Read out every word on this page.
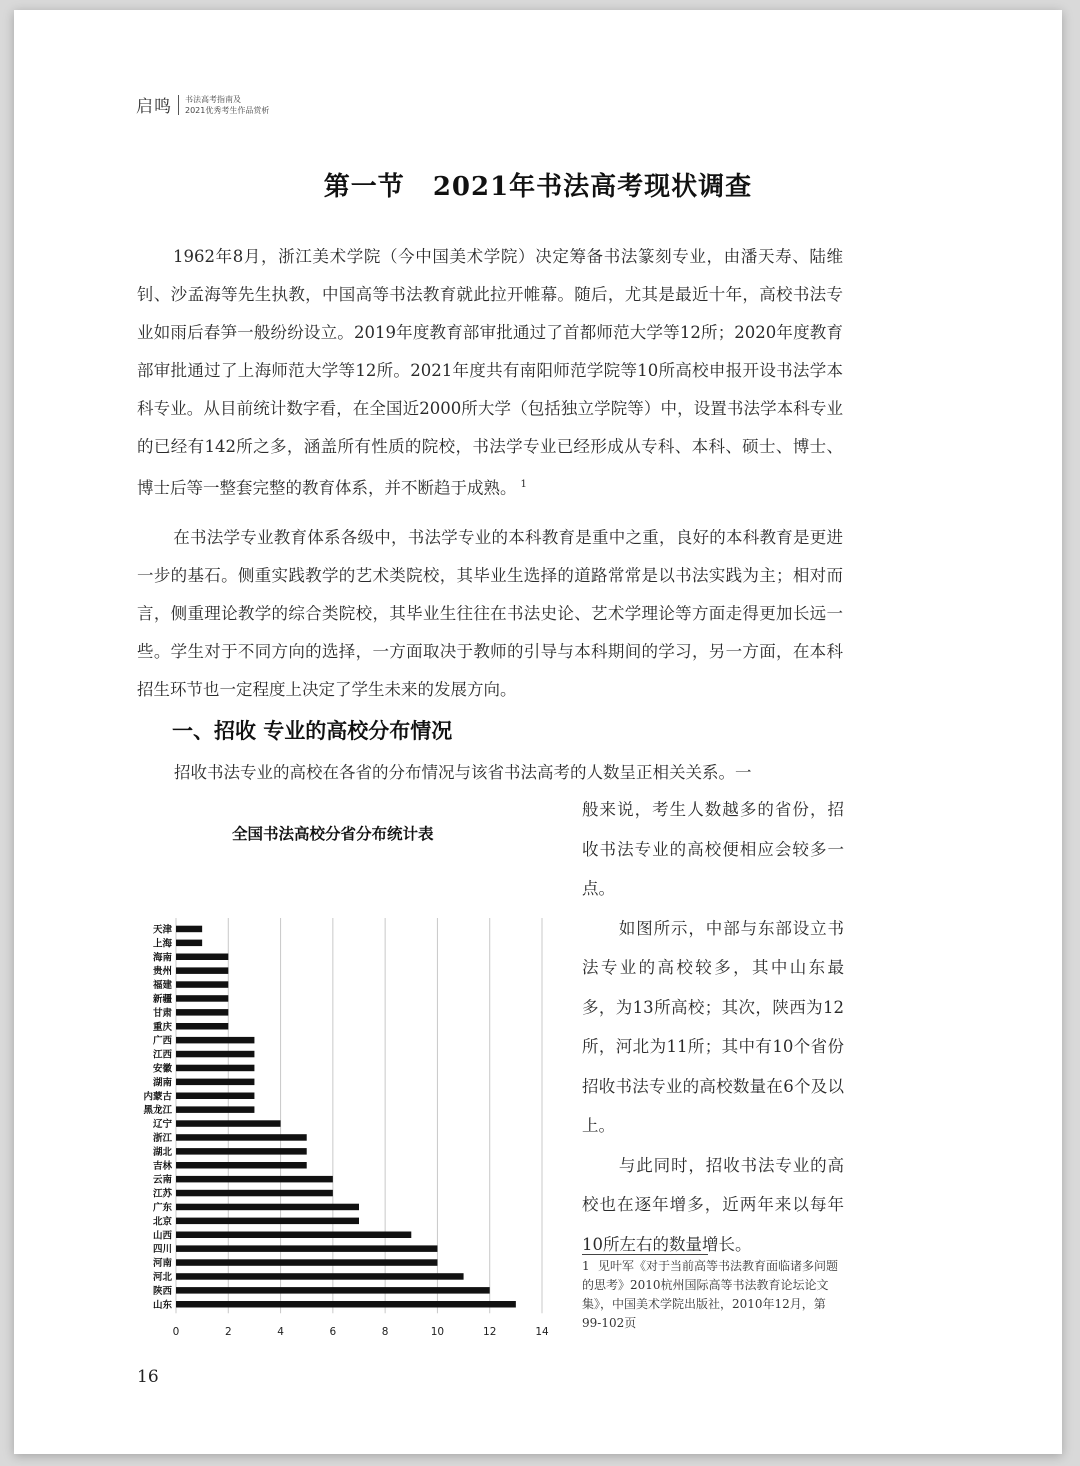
启鸣 书法高考指南及
2021优秀考生作品赏析
第一节 2021年书法高考现状调查
1962年8月，浙江美术学院（今中国美术学院）决定筹备书法篆刻专业，由潘天寿、陆维钊、沙孟海等先生执教，中国高等书法教育就此拉开帷幕。随后，尤其是最近十年，高校书法专业如雨后春笋一般纷纷设立。2019年度教育部审批通过了首都师范大学等12所；2020年度教育部审批通过了上海师范大学等12所。2021年度共有南阳师范学院等10所高校申报开设书法学本科专业。从目前统计数字看，在全国近2000所大学（包括独立学院等）中，设置书法学本科专业的已经有142所之多，涵盖所有性质的院校，书法学专业已经形成从专科、本科、硕士、博士、博士后等一整套完整的教育体系，并不断趋于成熟。 $^1$
在书法学专业教育体系各级中，书法学专业的本科教育是重中之重，良好的本科教育是更进一步的基石。侧重实践教学的艺术类院校，其毕业生选择的道路常常是以书法实践为主；相对而言，侧重理论教学的综合类院校，其毕业生往往在书法史论、艺术学理论等方面走得更加长远一些。学生对于不同方向的选择，一方面取决于教师的引导与本科期间的学习，另一方面，在本科招生环节也一定程度上决定了学生未来的发展方向。
一、招收 专业的高校分布情况
招收书法专业的高校在各省的分布情况与该省书法高考的人数呈正相关关系。一
全国书法高校分省分布统计表
天津
上海
海南
贵州
福建
新疆
甘肃
重庆
广西
江西
安徽
湖南
内蒙古
黑龙江
辽宁
浙江
湖北
吉林
云南
江苏
广东
北京
山西
四川
河南
河北
陕西
山东
0	2	4	6	8	10	12	14

般来说，考生人数越多的省份，招收书法专业的高校便相应会较多一点。

如图所示，中部与东部设立书法专业的高校较多，其中山东最多，为13所高校；其次，陕西为12所，河北为11所；其中有10个省份招收书法专业的高校数量在6个及以上。

与此同时，招收书法专业的高校也在逐年增多，近两年来以每年10所左右的数量增长。

1 见叶军《对于当前高等书法教育面临诸多问题的思考》2010杭州国际高等书法教育论坛论文集》，中国美术学院出版社，2010年12月，第99-102页
16
